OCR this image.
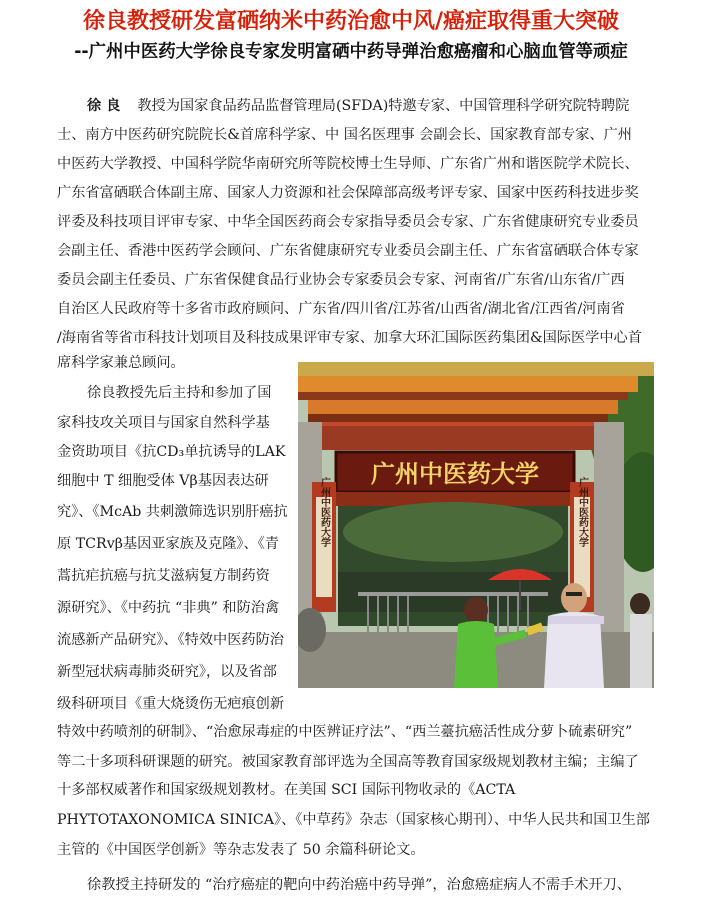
徐良教授研发富硒纳米中药治愈中风/癌症取得重大突破
--广州中医药大学徐良专家发明富硒中药导弹治愈癌瘤和心脑血管等顽症
徐 良 教授为国家食品药品监督管理局(SFDA)特邀专家、中国管理科学研究院特聘院
士、南方中医药研究院院长&首席科学家、中 国名医理事 会副会长、国家教育部专家、广州
中医药大学教授、中国科学院华南研究所等院校博士生导师、广东省广州和谐医院学术院长、
广东省富硒联合体副主席、国家人力资源和社会保障部高级考评专家、国家中医药科技进步奖
评委及科技项目评审专家、中华全国医药商会专家指导委员会专家、广东省健康研究专业委员
会副主任、香港中医药学会顾问、广东省健康研究专业委员会副主任、广东省富硒联合体专家
委员会副主任委员、广东省保健食品行业协会专家委员会专家、河南省/广东省/山东省/广西
自治区人民政府等十多省市政府顾问、广东省/四川省/江苏省/山西省/湖北省/江西省/河南省
/海南省等省市科技计划项目及科技成果评审专家、加拿大环汇国际医药集团&国际医学中心首
席科学家兼总顾问。
徐良教授先后主持和参加了国
家科技攻关项目与国家自然科学基
金资助项目《抗CD₃单抗诱导的LAK
细胞中 T 细胞受体 Vβ基因表达研
究》、《McAb 共刺激筛选识别肝癌抗
原 TCRvβ基因亚家族及克隆》、《青
蒿抗疟抗癌与抗艾滋病复方制药资
源研究》、《中药抗 “非典” 和防治禽
流感新产品研究》、《特效中医药防治
新型冠状病毒肺炎研究》，以及省部
级科研项目《重大烧烫伤无疤痕创新
特效中药喷剂的研制》、“治愈尿毒症的中医辨证疗法”、“西兰薹抗癌活性成分萝卜硫素研究”
等二十多项科研课题的研究。被国家教育部评选为全国高等教育国家级规划教材主编；主编了
十多部权威著作和国家级规划教材。在美国 SCI 国际刊物收录的《ACTA
PHYTOTAXONOMICA SINICA》、《中草药》杂志（国家核心期刊）、中华人民共和国卫生部
主管的《中国医学创新》等杂志发表了 50 余篇科研论文。
徐教授主持研发的 “治疗癌症的靶向中药治癌中药导弹”，治愈癌症病人不需手术开刀、
广州中医药大学
广州中医药大学	广州中医药大学
